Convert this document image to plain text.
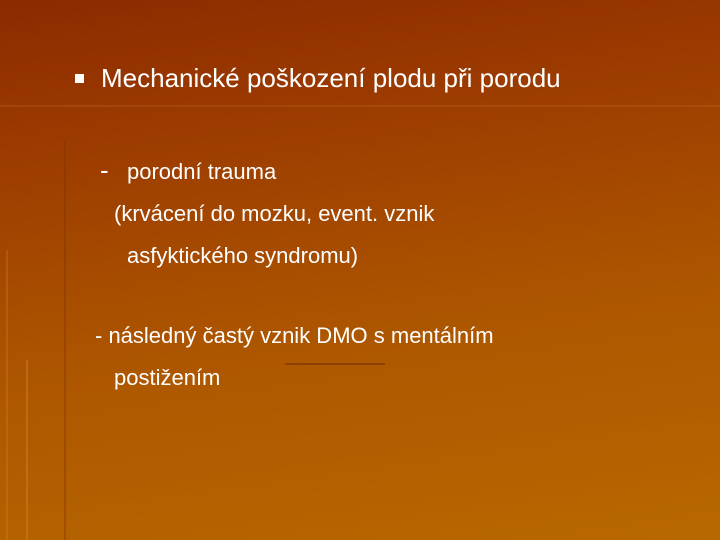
Mechanické poškození plodu při porodu
- porodní trauma
(krvácení do mozku, event. vznik
asfyktického syndromu)
- následný častý vznik DMO s mentálním
postižením
